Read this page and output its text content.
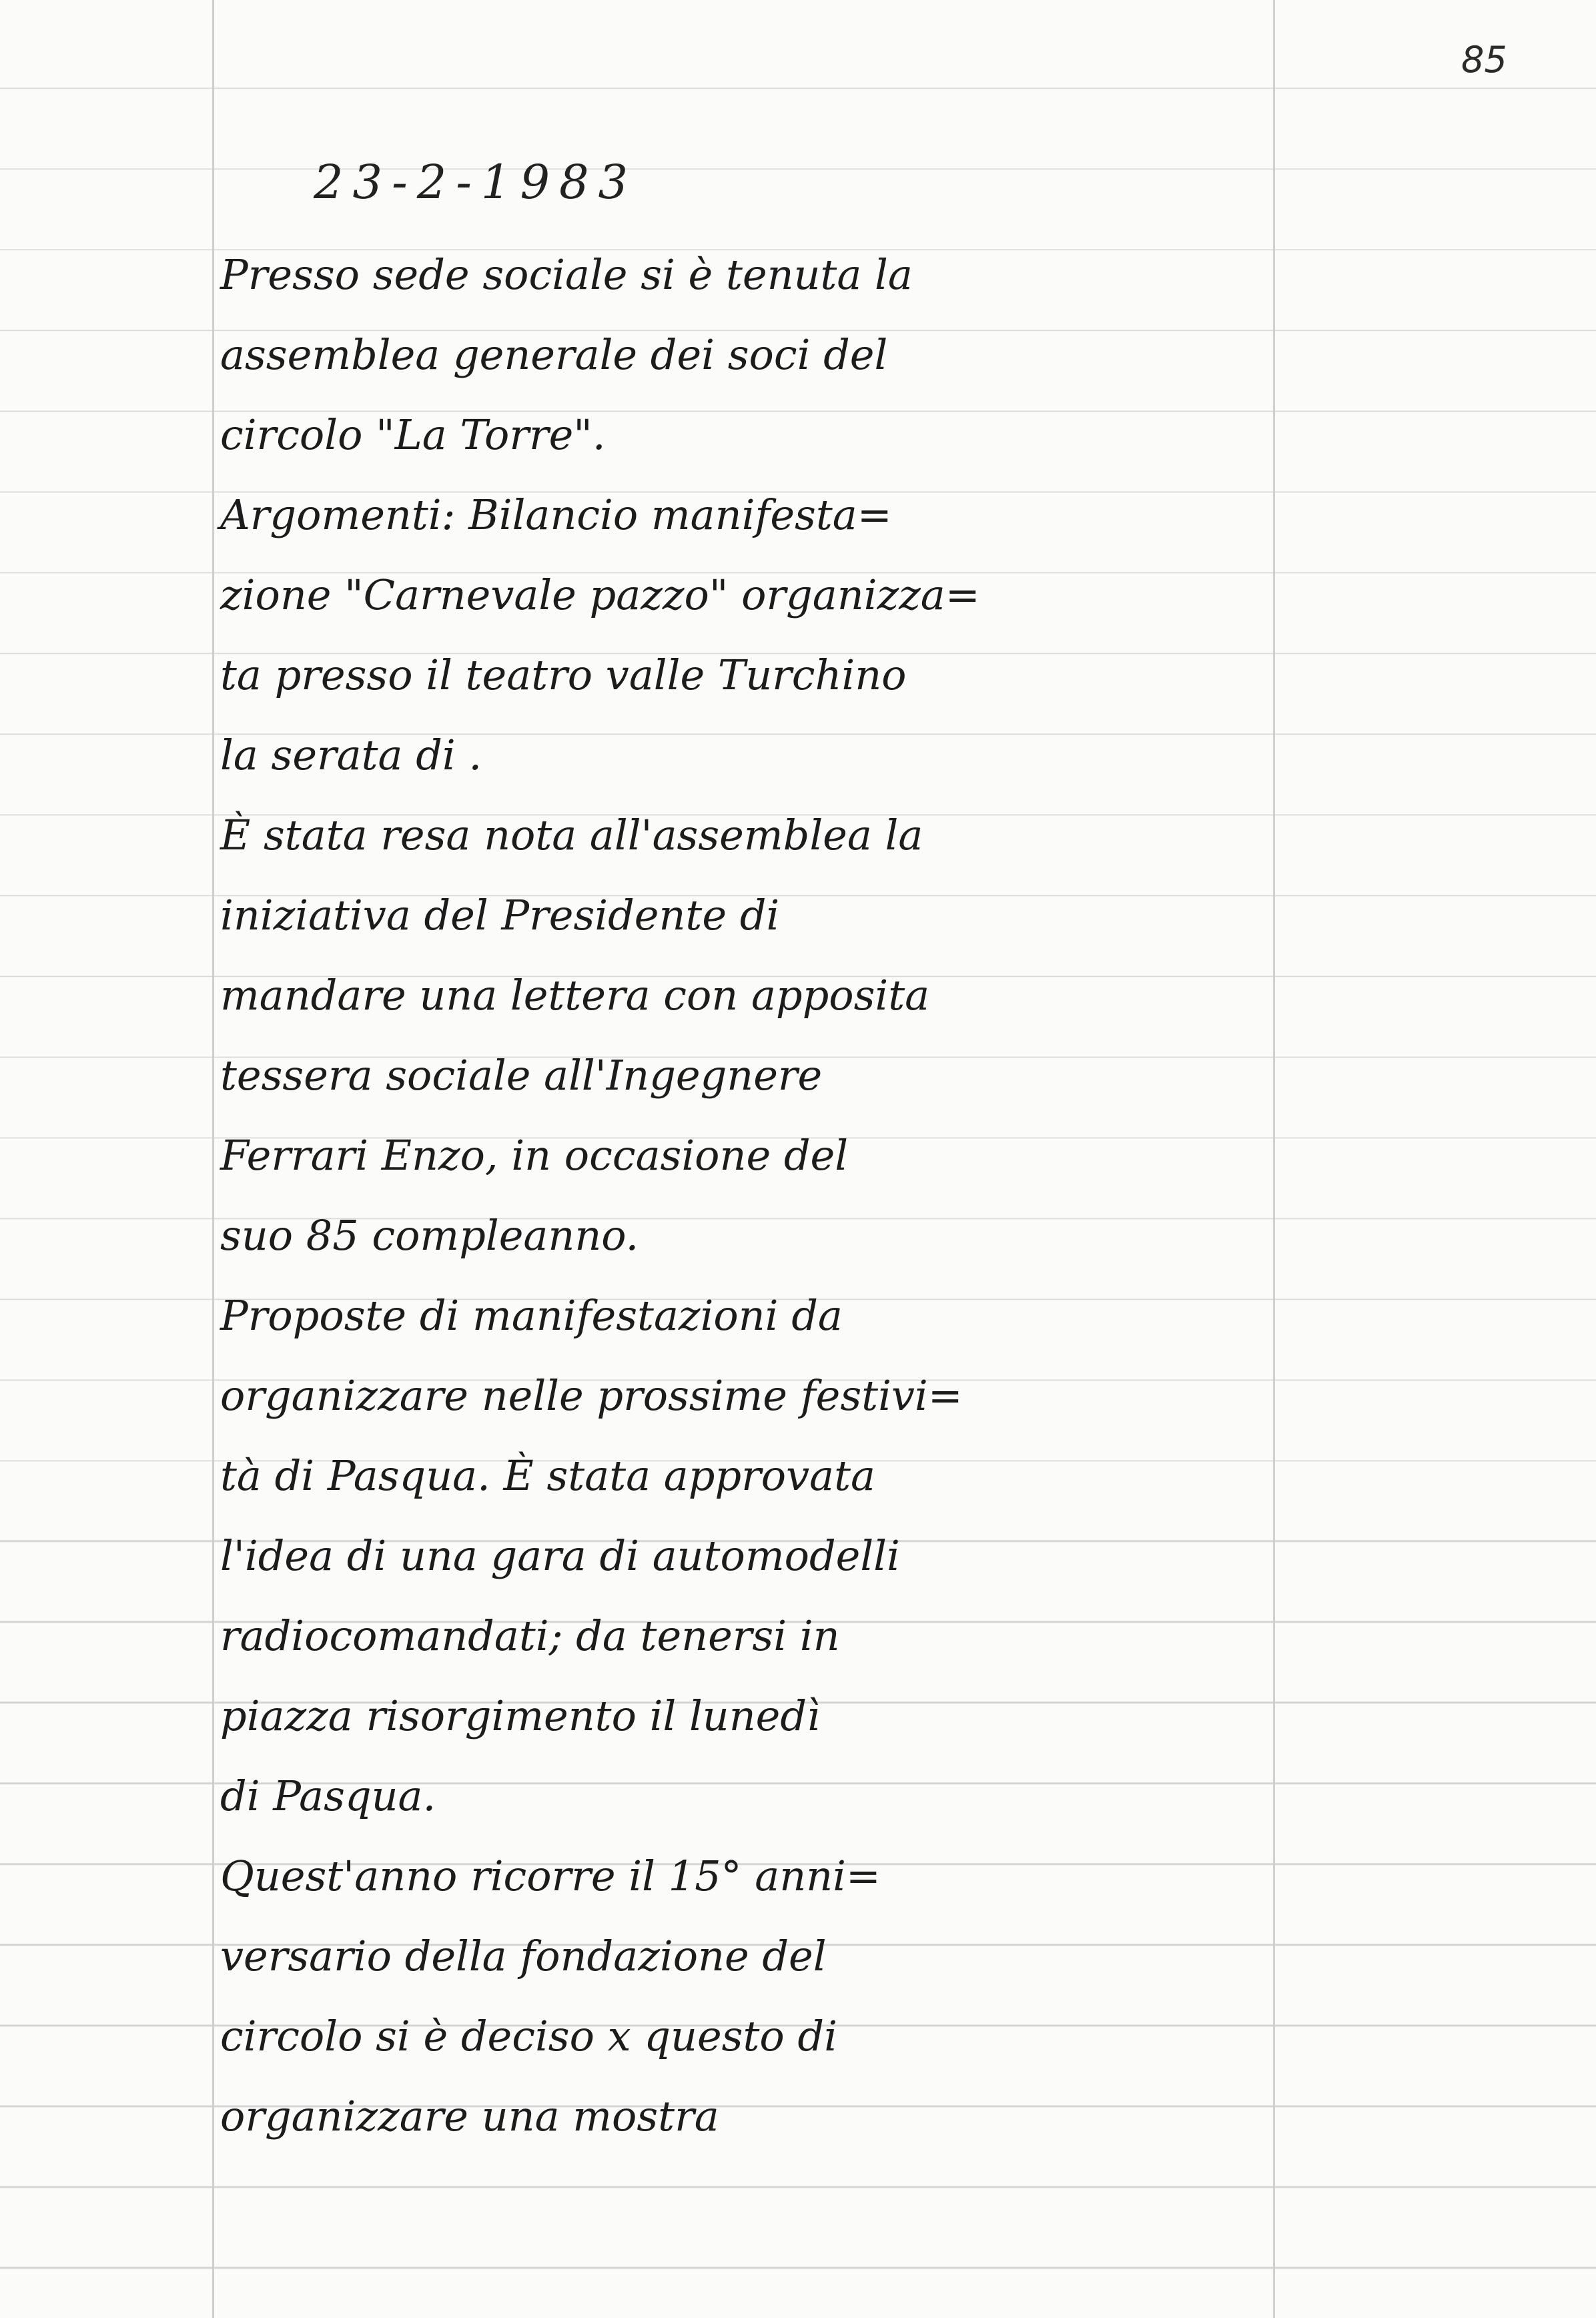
85
23-2-1983
Presso sede sociale si è tenuta la
assemblea generale dei soci del
circolo "La Torre".
Argomenti: Bilancio manifesta=
zione "Carnevale pazzo" organizza=
ta presso il teatro valle Turchino
la serata di .
È stata resa nota all'assemblea la
iniziativa del Presidente di
mandare una lettera con apposita
tessera sociale all'Ingegnere
Ferrari Enzo, in occasione del
suo 85 compleanno.
Proposte di manifestazioni da
organizzare nelle prossime festivi=
tà di Pasqua. È stata approvata
l'idea di una gara di automodelli
radiocomandati; da tenersi in
piazza risorgimento il lunedì
di Pasqua.
Quest'anno ricorre il 15° anni=
versario della fondazione del
circolo si è deciso x questo di
organizzare una mostra
